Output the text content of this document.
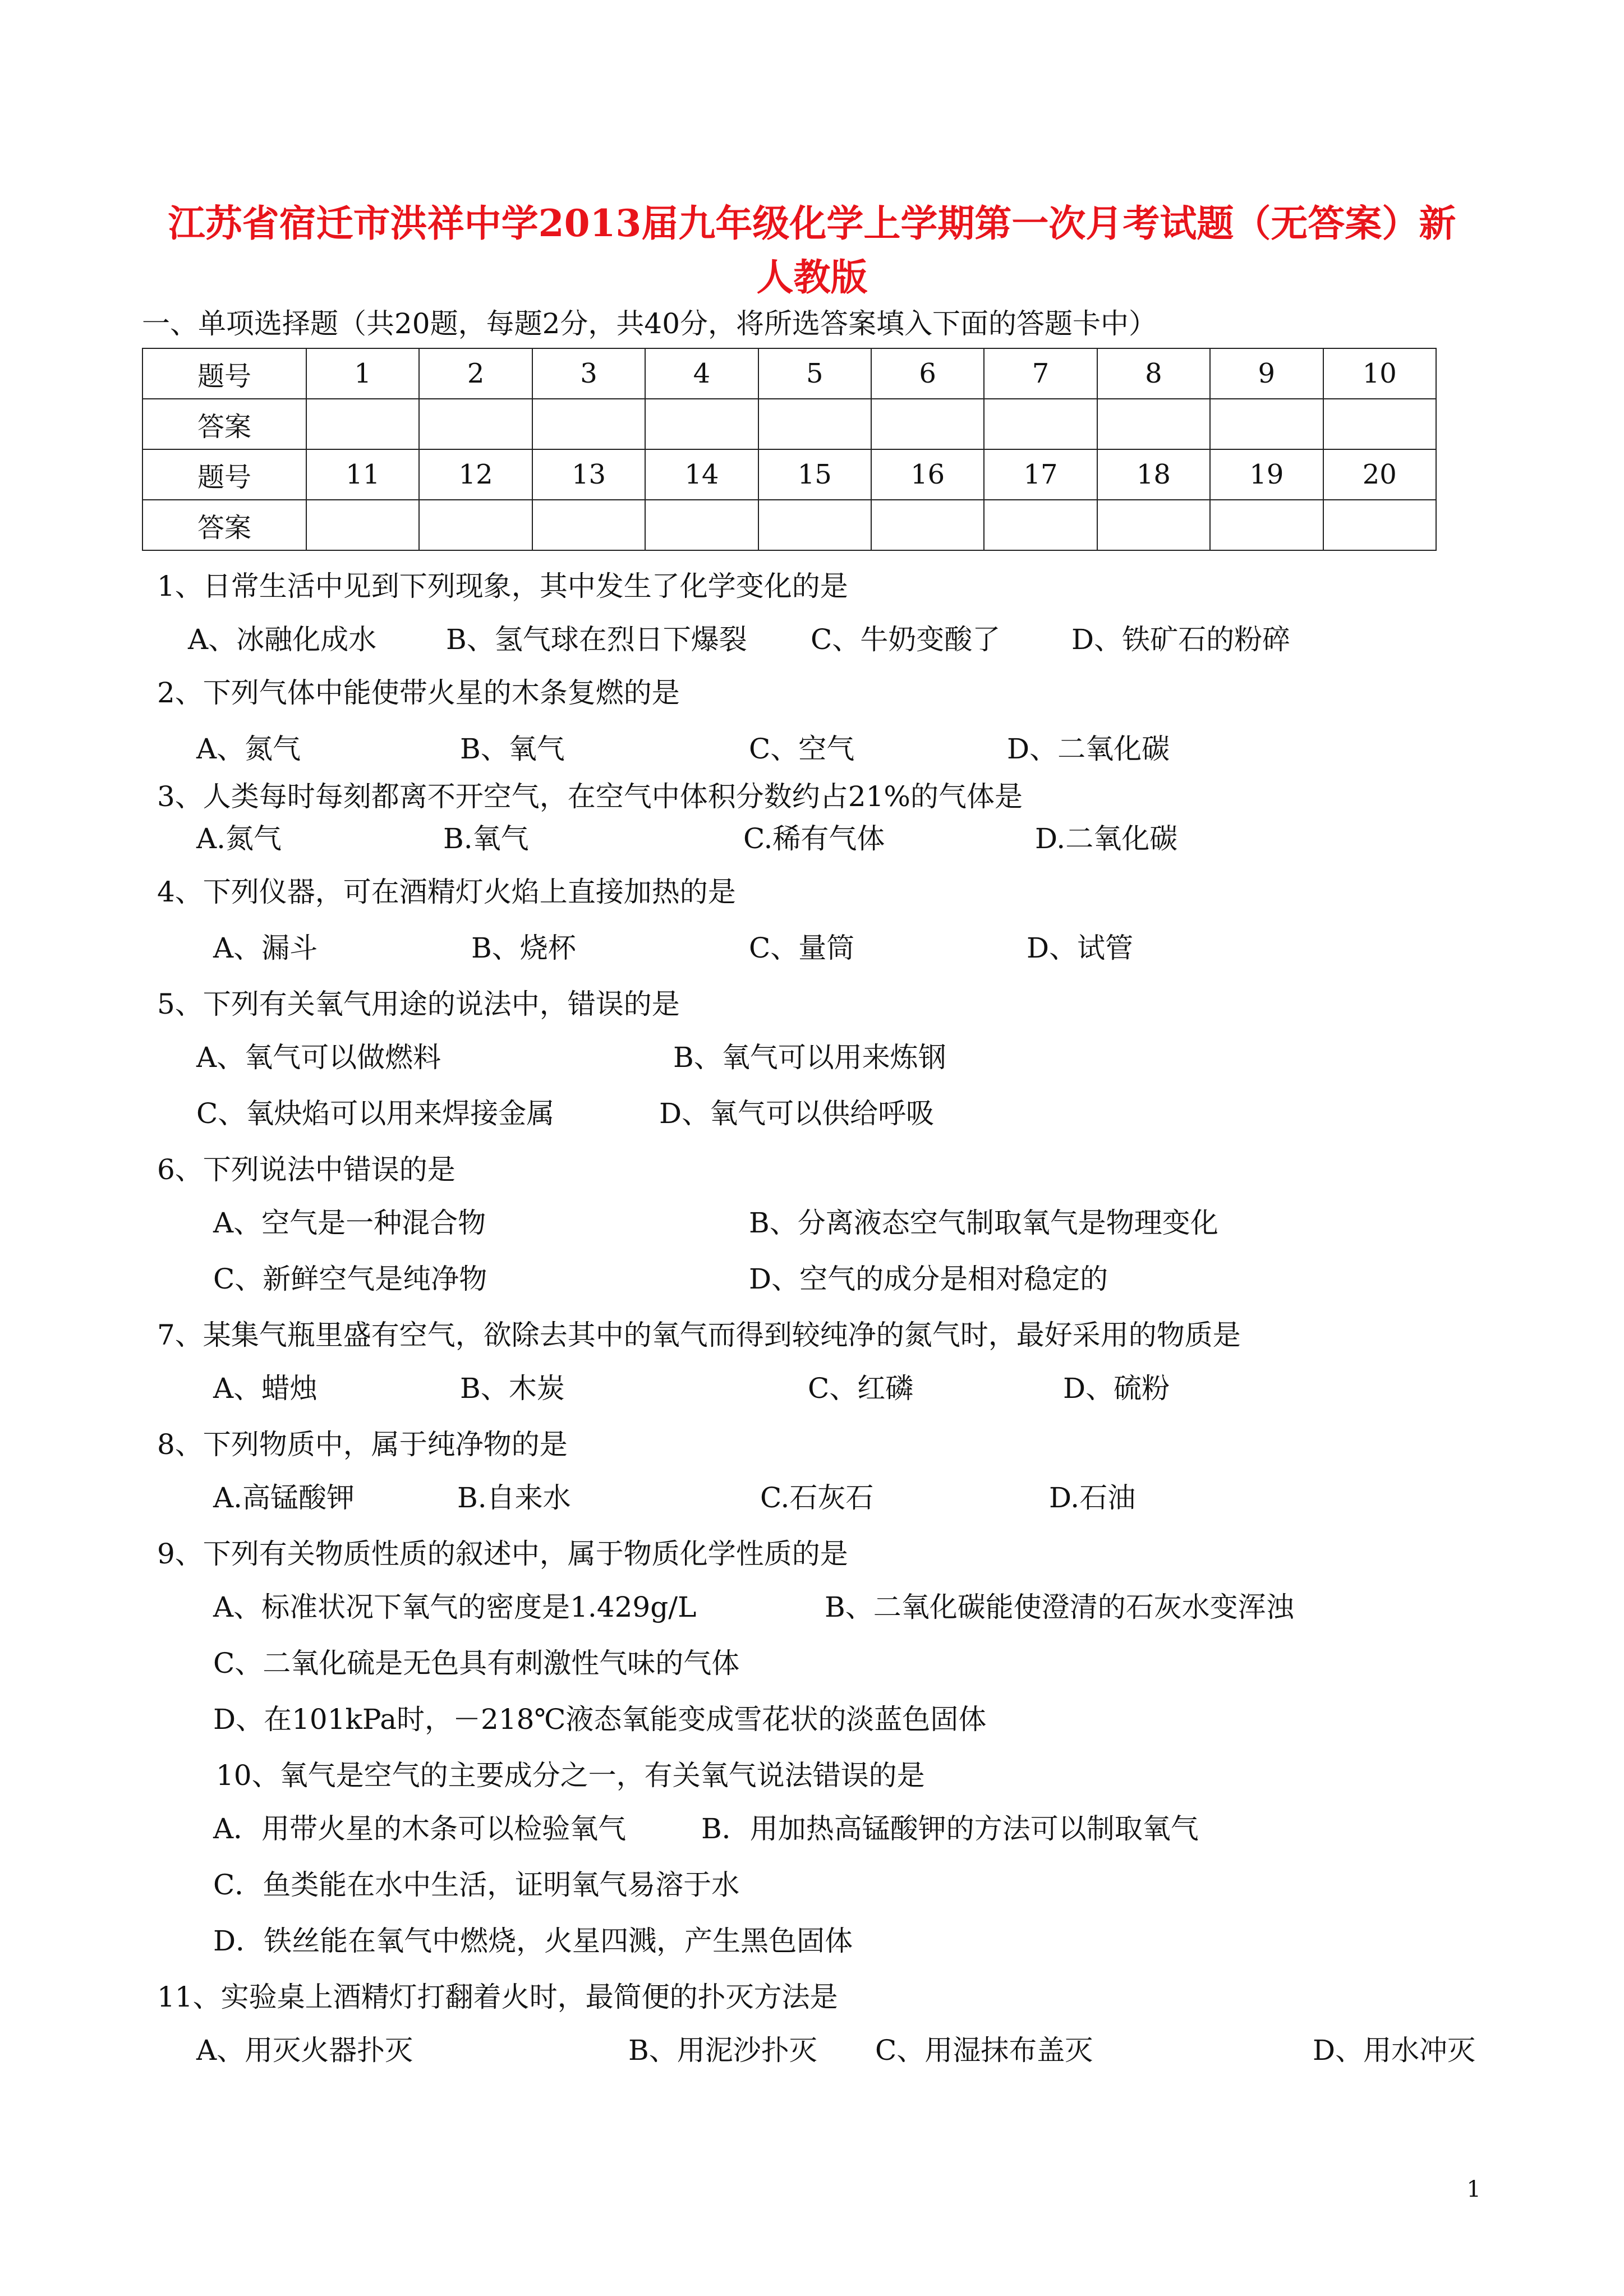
江苏省宿迁市洪祥中学2013届九年级化学上学期第一次月考试题（无答案）新
人教版
一、单项选择题（共20题，每题2分，共40分，将所选答案填入下面的答题卡中）
题号	1	2	3	4	5	6	7	8	9	10
答案										
题号	11	12	13	14	15	16	17	18	19	20
答案										
1、日常生活中见到下列现象，其中发生了化学变化的是
A、冰融化成水 B、氢气球在烈日下爆裂 C、牛奶变酸了	D、铁矿石的粉碎
2、下列气体中能使带火星的木条复燃的是
A、氮气	B、氧气	C、空气	D、二氧化碳
3、人类每时每刻都离不开空气，在空气中体积分数约占21%的气体是
A.氮气	B.氧气	C.稀有气体	D.二氧化碳
4、下列仪器，可在酒精灯火焰上直接加热的是
A、漏斗	B、烧杯	C、量筒	D、试管
5、下列有关氧气用途的说法中，错误的是
A、氧气可以做燃料	B、氧气可以用来炼钢
C、氧炔焰可以用来焊接金属	D、氧气可以供给呼吸
6、下列说法中错误的是
A、空气是一种混合物	B、分离液态空气制取氧气是物理变化
C、新鲜空气是纯净物	D、空气的成分是相对稳定的
7、某集气瓶里盛有空气，欲除去其中的氧气而得到较纯净的氮气时，最好采用的物质是
A、蜡烛	B、木炭	C、红磷	D、硫粉
8、下列物质中，属于纯净物的是
A.高锰酸钾	B.自来水	C.石灰石	D.石油
9、下列有关物质性质的叙述中，属于物质化学性质的是
A、标准状况下氧气的密度是1.429g/L	B、二氧化碳能使澄清的石灰水变浑浊
C、二氧化硫是无色具有刺激性气味的气体
D、在101kPa时，－218℃液态氧能变成雪花状的淡蓝色固体
10、氧气是空气的主要成分之一，有关氧气说法错误的是
A．用带火星的木条可以检验氧气	B．用加热高锰酸钾的方法可以制取氧气
C．鱼类能在水中生活，证明氧气易溶于水
D．铁丝能在氧气中燃烧，火星四溅，产生黑色固体
11、实验桌上酒精灯打翻着火时，最简便的扑灭方法是
A、用灭火器扑灭	B、用泥沙扑灭 C、用湿抹布盖灭	D、用水冲灭
1
